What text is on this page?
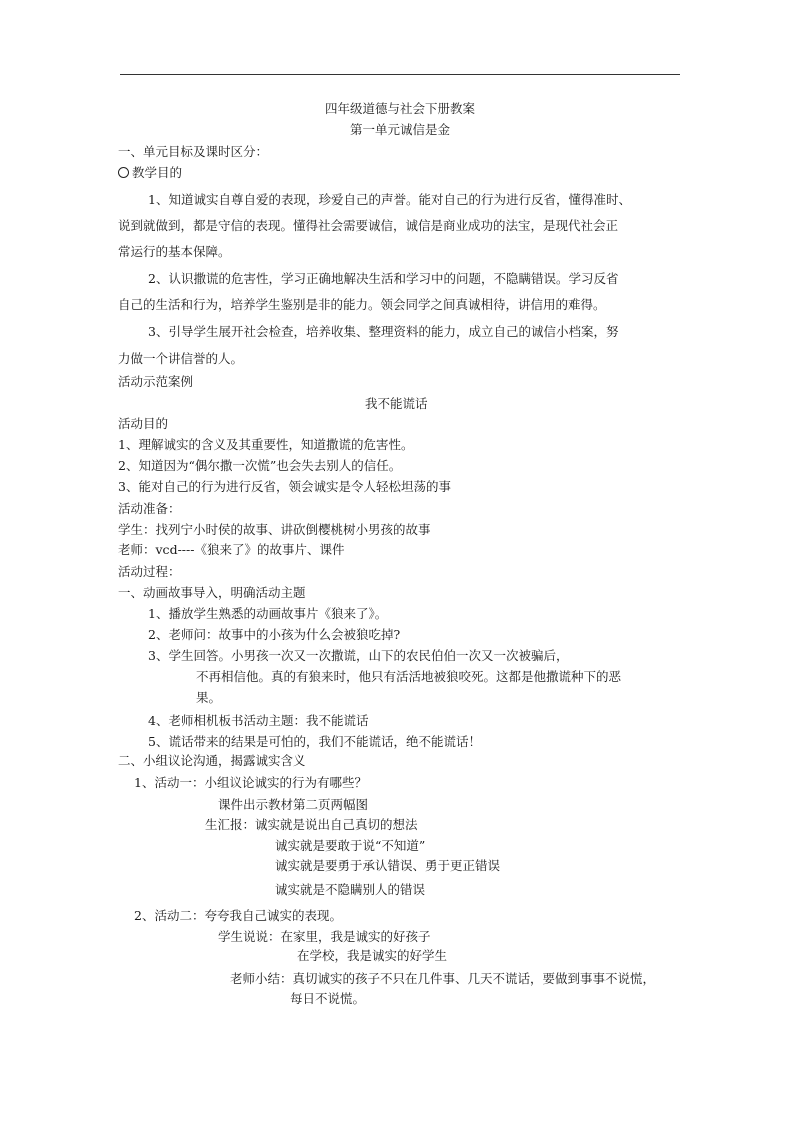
四年级道德与社会下册教案
第一单元诚信是金
一、单元目标及课时区分：
教学目的
1、知道诚实自尊自爱的表现，珍爱自己的声誉。能对自己的行为进行反省，懂得准时、
说到就做到，都是守信的表现。懂得社会需要诚信，诚信是商业成功的法宝，是现代社会正
常运行的基本保障。
2、认识撒谎的危害性，学习正确地解决生活和学习中的问题，不隐瞒错误。学习反省
自己的生活和行为，培养学生鉴别是非的能力。领会同学之间真诚相待，讲信用的难得。
3、引导学生展开社会检查，培养收集、整理资料的能力，成立自己的诚信小档案，努
力做一个讲信誉的人。
活动示范案例
我不能谎话
活动目的
1、理解诚实的含义及其重要性，知道撒谎的危害性。
2、知道因为“偶尔撒一次慌”也会失去别人的信任。
3、能对自己的行为进行反省，领会诚实是令人轻松坦荡的事
活动准备：
学生：找列宁小时侯的故事、讲砍倒樱桃树小男孩的故事
老师：vcd----《狼来了》的故事片、课件
活动过程：
一、动画故事导入，明确活动主题
1、播放学生熟悉的动画故事片《狼来了》。
2、老师问：故事中的小孩为什么会被狼吃掉?
3、学生回答。小男孩一次又一次撒谎，山下的农民伯伯一次又一次被骗后，
不再相信他。真的有狼来时，他只有活活地被狼咬死。这都是他撒谎种下的恶
果。
4、老师相机板书活动主题：我不能谎话
5、谎话带来的结果是可怕的，我们不能谎话，绝不能谎话！
二、小组议论沟通，揭露诚实含义
1、活动一：小组议论诚实的行为有哪些？
课件出示教材第二页两幅图
生汇报：诚实就是说出自己真切的想法
诚实就是要敢于说“不知道”
诚实就是要勇于承认错误、勇于更正错误
诚实就是不隐瞒别人的错误
2、活动二：夸夸我自己诚实的表现。
学生说说：在家里，我是诚实的好孩子
在学校，我是诚实的好学生
老师小结：真切诚实的孩子不只在几件事、几天不谎话，要做到事事不说慌，
每日不说慌。
